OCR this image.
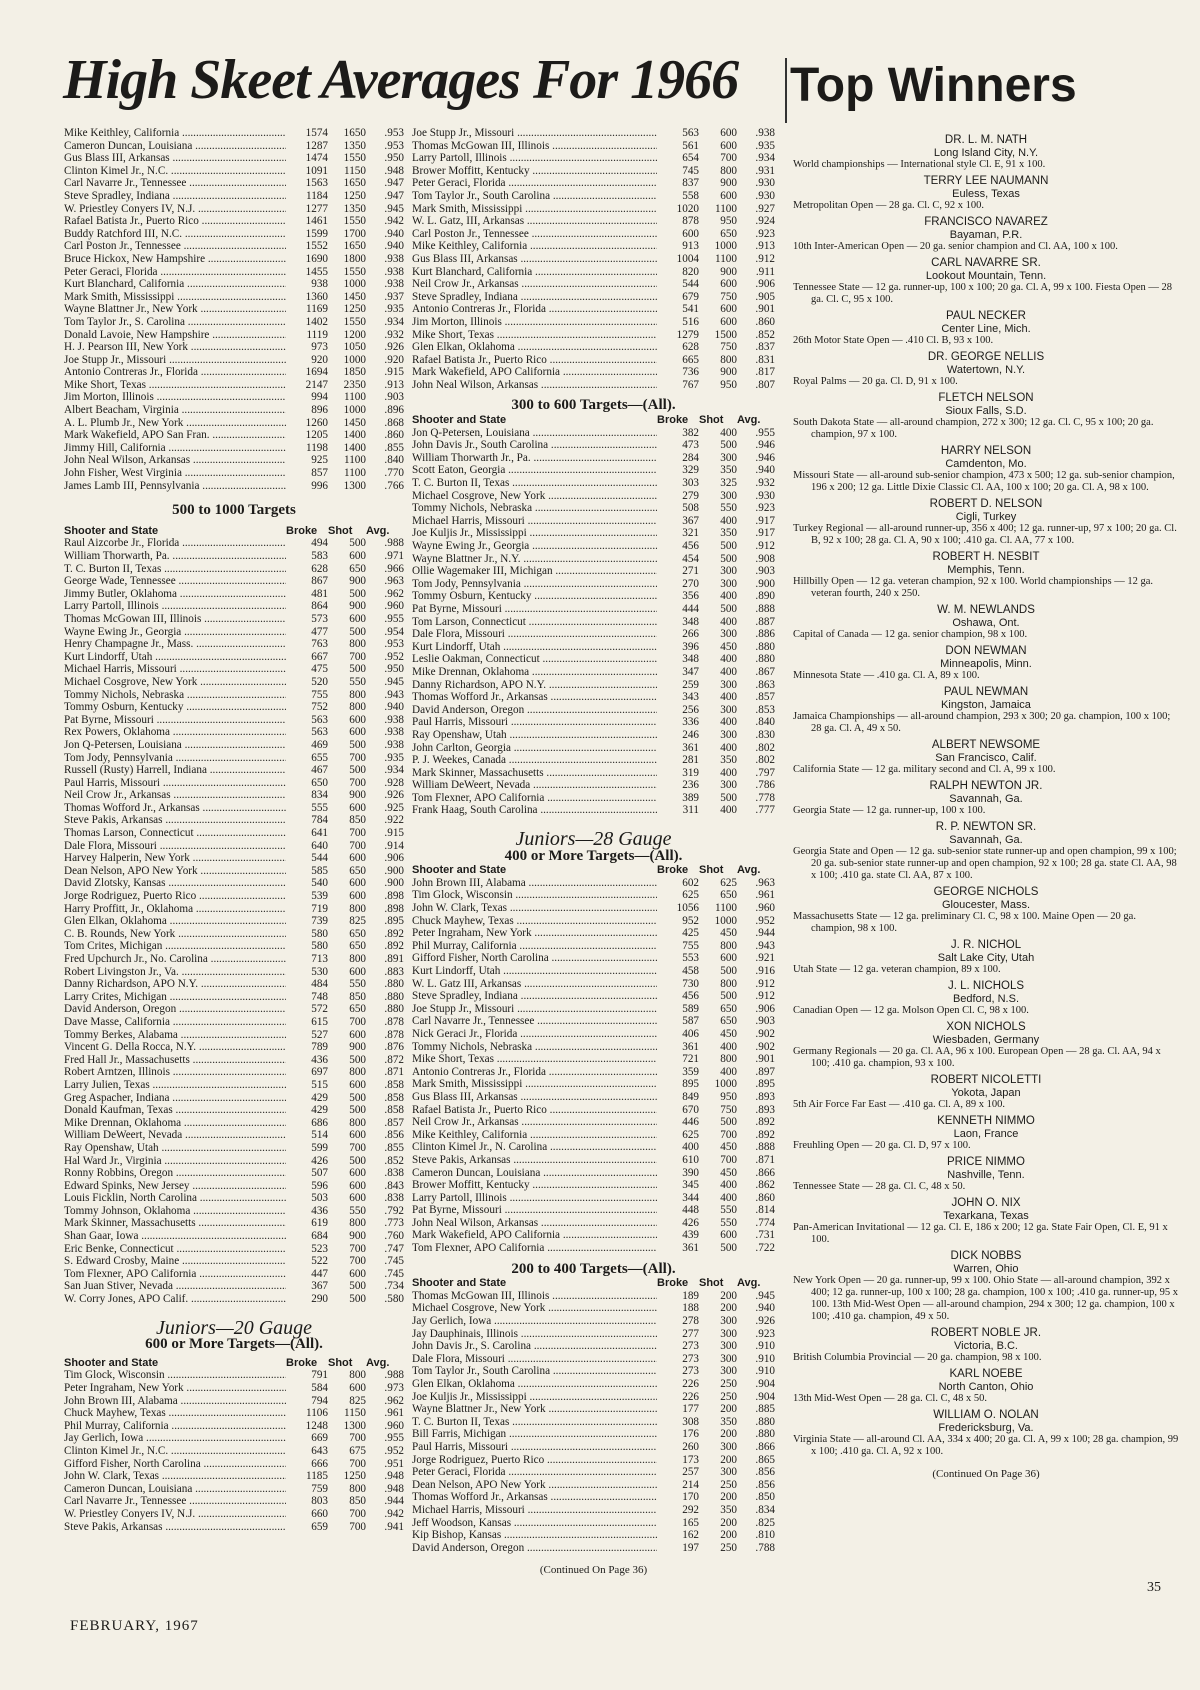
High Skeet Averages For 1966 Top Winners
Mike Keithley, California .....	1574	1650	.953
Cameron Duncan, Louisiana .....	1287	1350	.953
Gus Blass III, Arkansas .....	1474	1550	.950
Clinton Kimel Jr., N.C. .....	1091	1150	.948
Carl Navarre Jr., Tennessee .....	1563	1650	.947
Steve Spradley, Indiana .....	1184	1250	.947
W. Priestley Conyers IV, N.J. .....	1277	1350	.945
Rafael Batista Jr., Puerto Rico .....	1461	1550	.942
Buddy Ratchford III, N.C. .....	1599	1700	.940
Carl Poston Jr., Tennessee .....	1552	1650	.940
Bruce Hickox, New Hampshire .....	1690	1800	.938
Peter Geraci, Florida .....	1455	1550	.938
Kurt Blanchard, California .....	938	1000	.938
Mark Smith, Mississippi .....	1360	1450	.937
Wayne Blattner Jr., New York .....	1169	1250	.935
Tom Taylor Jr., S. Carolina .....	1402	1550	.934
Donald Lavoie, New Hampshire .....	1119	1200	.932
H. J. Pearson III, New York .....	973	1050	.926
Joe Stupp Jr., Missouri .....	920	1000	.920
Antonio Contreras Jr., Florida .....	1694	1850	.915
Mike Short, Texas .....	2147	2350	.913
Jim Morton, Illinois .....	994	1100	.903
Albert Beacham, Virginia .....	896	1000	.896
A. L. Plumb Jr., New York .....	1260	1450	.868
Mark Wakefield, APO San Fran. .....	1205	1400	.860
Jimmy Hill, California .....	1198	1400	.855
John Neal Wilson, Arkansas .....	925	1100	.840
John Fisher, West Virginia .....	857	1100	.770
James Lamb III, Pennsylvania .....	996	1300	.766
500 to 1000 Targets
Shooter and State	Broke Shot	Avg.
Raul Aizcorbe Jr., Florida .....	494	500	.988
William Thorwarth, Pa. .....	583	600	.971
T. C. Burton II, Texas .....	628	650	.966
George Wade, Tennessee .....	867	900	.963
Jimmy Butler, Oklahoma .....	481	500	.962
Larry Partoll, Illinois .....	864	900	.960
Thomas McGowan III, Illinois .....	573	600	.955
Wayne Ewing Jr., Georgia .....	477	500	.954
Henry Champagne Jr., Mass. .....	763	800	.953
Kurt Lindorff, Utah .....	667	700	.952
Michael Harris, Missouri .....	475	500	.950
Michael Cosgrove, New York .....	520	550	.945
Tommy Nichols, Nebraska .....	755	800	.943
Tommy Osburn, Kentucky .....	752	800	.940
Pat Byrne, Missouri .....	563	600	.938
Rex Powers, Oklahoma .....	563	600	.938
Jon Q-Petersen, Louisiana .....	469	500	.938
Tom Jody, Pennsylvania .....	655	700	.935
Russell (Rusty) Harrell, Indiana .....	467	500	.934
Paul Harris, Missouri .....	650	700	.928
Neil Crow Jr., Arkansas .....	834	900	.926
Thomas Wofford Jr., Arkansas .....	555	600	.925
Steve Pakis, Arkansas .....	784	850	.922
Thomas Larson, Connecticut .....	641	700	.915
Dale Flora, Missouri .....	640	700	.914
Harvey Halperin, New York .....	544	600	.906
Dean Nelson, APO New York .....	585	650	.900
David Zlotsky, Kansas .....	540	600	.900
Jorge Rodriguez, Puerto Rico .....	539	600	.898
Harry Proffitt, Jr., Oklahoma .....	719	800	.898
Glen Elkan, Oklahoma .....	739	825	.895
C. B. Rounds, New York .....	580	650	.892
Tom Crites, Michigan .....	580	650	.892
Fred Upchurch Jr., No. Carolina .....	713	800	.891
Robert Livingston Jr., Va. .....	530	600	.883
Danny Richardson, APO N.Y. .....	484	550	.880
Larry Crites, Michigan .....	748	850	.880
David Anderson, Oregon .....	572	650	.880
Dave Masse, California .....	615	700	.878
Tommy Berkes, Alabama .....	527	600	.878
Vincent G. Della Rocca, N.Y. .....	789	900	.876
Fred Hall Jr., Massachusetts .....	436	500	.872
Robert Arntzen, Illinois .....	697	800	.871
Larry Julien, Texas .....	515	600	.858
Greg Aspacher, Indiana .....	429	500	.858
Donald Kaufman, Texas .....	429	500	.858
Mike Drennan, Oklahoma .....	686	800	.857
William DeWeert, Nevada .....	514	600	.856
Ray Openshaw, Utah .....	599	700	.855
Hal Ward Jr., Virginia .....	426	500	.852
Ronny Robbins, Oregon .....	507	600	.838
Edward Spinks, New Jersey .....	596	600	.843
Louis Ficklin, North Carolina .....	503	600	.838
Tommy Johnson, Oklahoma .....	436	550	.792
Mark Skinner, Massachusetts .....	619	800	.773
Shan Gaar, Iowa .....	684	900	.760
Eric Benke, Connecticut .....	523	700	.747
S. Edward Crosby, Maine .....	522	700	.745
Tom Flexner, APO California .....	447	600	.745
San Juan Stiver, Nevada .....	367	500	.734
W. Corry Jones, APO Calif. .....	290	500	.580
Juniors—20 Gauge
600 or More Targets—(All).
Shooter and State	Broke Shot	Avg.
Tim Glock, Wisconsin .....	791	800	.988
Peter Ingraham, New York .....	584	600	.973
John Brown III, Alabama .....	794	825	.962
Chuck Mayhew, Texas .....	1106	1150	.961
Phil Murray, California .....	1248	1300	.960
Jay Gerlich, Iowa .....	669	700	.955
Clinton Kimel Jr., N.C. .....	643	675	.952
Gifford Fisher, North Carolina .....	666	700	.951
John W. Clark, Texas .....	1185	1250	.948
Cameron Duncan, Louisiana .....	759	800	.948
Carl Navarre Jr., Tennessee .....	803	850	.944
W. Priestley Conyers IV, N.J. .....	660	700	.942
Steve Pakis, Arkansas .....	659	700	.941
Joe Stupp Jr., Missouri .....	563	600	.938
Thomas McGowan III, Illinois .....	561	600	.935
Larry Partoll, Illinois .....	654	700	.934
Brower Moffitt, Kentucky .....	745	800	.931
Peter Geraci, Florida .....	837	900	.930
Tom Taylor Jr., South Carolina .....	558	600	.930
Mark Smith, Mississippi .....	1020	1100	.927
W. L. Gatz, III, Arkansas .....	878	950	.924
Carl Poston Jr., Tennessee .....	600	650	.923
Mike Keithley, California .....	913	1000	.913
Gus Blass III, Arkansas .....	1004	1100	.912
Kurt Blanchard, California .....	820	900	.911
Neil Crow Jr., Arkansas .....	544	600	.906
Steve Spradley, Indiana .....	679	750	.905
Antonio Contreras Jr., Florida .....	541	600	.901
Jim Morton, Illinois .....	516	600	.860
Mike Short, Texas .....	1279	1500	.852
Glen Elkan, Oklahoma .....	628	750	.837
Rafael Batista Jr., Puerto Rico .....	665	800	.831
Mark Wakefield, APO California .....	736	900	.817
John Neal Wilson, Arkansas .....	767	950	.807
300 to 600 Targets—(All).
Shooter and State	Broke Shot	Avg.
Jon Q-Petersen, Louisiana .....	382	400	.955
John Davis Jr., South Carolina .....	473	500	.946
William Thorwarth Jr., Pa. .....	284	300	.946
Scott Eaton, Georgia .....	329	350	.940
T. C. Burton II, Texas .....	303	325	.932
Michael Cosgrove, New York .....	279	300	.930
Tommy Nichols, Nebraska .....	508	550	.923
Michael Harris, Missouri .....	367	400	.917
Joe Kuljis Jr., Mississippi .....	321	350	.917
Wayne Ewing Jr., Georgia .....	456	500	.912
Wayne Blattner Jr., N.Y. .....	454	500	.908
Ollie Wagemaker III, Michigan .....	271	300	.903
Tom Jody, Pennsylvania .....	270	300	.900
Tommy Osburn, Kentucky .....	356	400	.890
Pat Byrne, Missouri .....	444	500	.888
Tom Larson, Connecticut .....	348	400	.887
Dale Flora, Missouri .....	266	300	.886
Kurt Lindorff, Utah .....	396	450	.880
Leslie Oakman, Connecticut .....	348	400	.880
Mike Drennan, Oklahoma .....	347	400	.867
Danny Richardson, APO N.Y. .....	259	300	.863
Thomas Wofford Jr., Arkansas .....	343	400	.857
David Anderson, Oregon .....	256	300	.853
Paul Harris, Missouri .....	336	400	.840
Ray Openshaw, Utah .....	246	300	.830
John Carlton, Georgia .....	361	400	.802
P. J. Weekes, Canada .....	281	350	.802
Mark Skinner, Massachusetts .....	319	400	.797
William DeWeert, Nevada .....	236	300	.786
Tom Flexner, APO California .....	389	500	.778
Frank Haag, South Carolina .....	311	400	.777
Juniors—28 Gauge
400 or More Targets—(All).
Shooter and State	Broke Shot	Avg.
John Brown III, Alabama .....	602	625	.963
Tim Glock, Wisconsin .....	625	650	.961
John W. Clark, Texas .....	1056	1100	.960
Chuck Mayhew, Texas .....	952	1000	.952
Peter Ingraham, New York .....	425	450	.944
Phil Murray, California .....	755	800	.943
Gifford Fisher, North Carolina .....	553	600	.921
Kurt Lindorff, Utah .....	458	500	.916
W. L. Gatz III, Arkansas .....	730	800	.912
Steve Spradley, Indiana .....	456	500	.912
Joe Stupp Jr., Missouri .....	589	650	.906
Carl Navarre Jr., Tennessee .....	587	650	.903
Nick Geraci Jr., Florida .....	406	450	.902
Tommy Nichols, Nebraska .....	361	400	.902
Mike Short, Texas .....	721	800	.901
Antonio Contreras Jr., Florida .....	359	400	.897
Mark Smith, Mississippi .....	895	1000	.895
Gus Blass III, Arkansas .....	849	950	.893
Rafael Batista Jr., Puerto Rico .....	670	750	.893
Neil Crow Jr., Arkansas .....	446	500	.892
Mike Keithley, California .....	625	700	.892
Clinton Kimel Jr., N. Carolina .....	400	450	.888
Steve Pakis, Arkansas .....	610	700	.871
Cameron Duncan, Louisiana .....	390	450	.866
Brower Moffitt, Kentucky .....	345	400	.862
Larry Partoll, Illinois .....	344	400	.860
Pat Byrne, Missouri .....	448	550	.814
John Neal Wilson, Arkansas .....	426	550	.774
Mark Wakefield, APO California .....	439	600	.731
Tom Flexner, APO California .....	361	500	.722
200 to 400 Targets—(All).
Shooter and State	Broke Shot	Avg.
Thomas McGowan III, Illinois .....	189	200	.945
Michael Cosgrove, New York .....	188	200	.940
Jay Gerlich, Iowa .....	278	300	.926
Jay Dauphinais, Illinois .....	277	300	.923
John Davis Jr., S. Carolina .....	273	300	.910
Dale Flora, Missouri .....	273	300	.910
Tom Taylor Jr., South Carolina .....	273	300	.910
Glen Elkan, Oklahoma .....	226	250	.904
Joe Kuljis Jr., Mississippi .....	226	250	.904
Wayne Blattner Jr., New York .....	177	200	.885
T. C. Burton II, Texas .....	308	350	.880
Bill Farris, Michigan .....	176	200	.880
Paul Harris, Missouri .....	260	300	.866
Jorge Rodriguez, Puerto Rico .....	173	200	.865
Peter Geraci, Florida .....	257	300	.856
Dean Nelson, APO New York .....	214	250	.856
Thomas Wofford Jr., Arkansas .....	170	200	.850
Michael Harris, Missouri .....	292	350	.834
Jeff Woodson, Kansas .....	165	200	.825
Kip Bishop, Kansas .....	162	200	.810
David Anderson, Oregon .....	197	250	.788
(Continued On Page 36)
DR. L. M. NATH
Long Island City, N.Y.
World championships — International style Cl. E, 91 x 100.
TERRY LEE NAUMANN
Euless, Texas
Metropolitan Open — 28 ga. Cl. C, 92 x 100.
FRANCISCO NAVAREZ
Bayaman, P.R.
10th Inter-American Open — 20 ga. senior champion and Cl. AA, 100 x 100.
CARL NAVARRE SR.
Lookout Mountain, Tenn.
Tennessee State — 12 ga. runner-up, 100 x 100; 20 ga. Cl. A, 99 x 100. Fiesta Open — 28 ga. Cl. C, 95 x 100.
PAUL NECKER
Center Line, Mich.
26th Motor State Open — .410 Cl. B, 93 x 100.
DR. GEORGE NELLIS
Watertown, N.Y.
Royal Palms — 20 ga. Cl. D, 91 x 100.
FLETCH NELSON
Sioux Falls, S.D.
South Dakota State — all-around champion, 272 x 300; 12 ga. Cl. C, 95 x 100; 20 ga. champion, 97 x 100.
HARRY NELSON
Camdenton, Mo.
Missouri State — all-around sub-senior champion, 473 x 500; 12 ga. sub-senior champion, 196 x 200; 12 ga. Little Dixie Classic Cl. AA, 100 x 100; 20 ga. Cl. A, 98 x 100.
ROBERT D. NELSON
Cigli, Turkey
Turkey Regional — all-around runner-up, 356 x 400; 12 ga. runner-up, 97 x 100; 20 ga. Cl. B, 92 x 100; 28 ga. Cl. A, 90 x 100; .410 ga. Cl. AA, 77 x 100.
ROBERT H. NESBIT
Memphis, Tenn.
Hillbilly Open — 12 ga. veteran champion, 92 x 100. World championships — 12 ga. veteran fourth, 240 x 250.
W. M. NEWLANDS
Oshawa, Ont.
Capital of Canada — 12 ga. senior champion, 98 x 100.
DON NEWMAN
Minneapolis, Minn.
Minnesota State — .410 ga. Cl. A, 89 x 100.
PAUL NEWMAN
Kingston, Jamaica
Jamaica Championships — all-around champion, 293 x 300; 20 ga. champion, 100 x 100; 28 ga. Cl. A, 49 x 50.
ALBERT NEWSOME
San Francisco, Calif.
California State — 12 ga. military second and Cl. A, 99 x 100.
RALPH NEWTON JR.
Savannah, Ga.
Georgia State — 12 ga. runner-up, 100 x 100.
R. P. NEWTON SR.
Savannah, Ga.
Georgia State and Open — 12 ga. sub-senior state runner-up and open champion, 99 x 100; 20 ga. sub-senior state runner-up and open champion, 92 x 100; 28 ga. state Cl. AA, 98 x 100; .410 ga. state Cl. AA, 87 x 100.
GEORGE NICHOLS
Gloucester, Mass.
Massachusetts State — 12 ga. preliminary Cl. C, 98 x 100. Maine Open — 20 ga. champion, 98 x 100.
J. R. NICHOL
Salt Lake City, Utah
Utah State — 12 ga. veteran champion, 89 x 100.
J. L. NICHOLS
Bedford, N.S.
Canadian Open — 12 ga. Molson Open Cl. C, 98 x 100.
XON NICHOLS
Wiesbaden, Germany
Germany Regionals — 20 ga. Cl. AA, 96 x 100. European Open — 28 ga. Cl. AA, 94 x 100; .410 ga. champion, 93 x 100.
ROBERT NICOLETTI
Yokota, Japan
5th Air Force Far East — .410 ga. Cl. A, 89 x 100.
KENNETH NIMMO
Laon, France
Freuhling Open — 20 ga. Cl. D, 97 x 100.
PRICE NIMMO
Nashville, Tenn.
Tennessee State — 28 ga. Cl. C, 48 x 50.
JOHN O. NIX
Texarkana, Texas
Pan-American Invitational — 12 ga. Cl. E, 186 x 200; 12 ga. State Fair Open, Cl. E, 91 x 100.
DICK NOBBS
Warren, Ohio
New York Open — 20 ga. runner-up, 99 x 100. Ohio State — all-around champion, 392 x 400; 12 ga. runner-up, 100 x 100; 28 ga. champion, 100 x 100; .410 ga. runner-up, 95 x 100. 13th Mid-West Open — all-around champion, 294 x 300; 12 ga. champion, 100 x 100; .410 ga. champion, 49 x 50.
ROBERT NOBLE JR.
Victoria, B.C.
British Columbia Provincial — 20 ga. champion, 98 x 100.
KARL NOEBE
North Canton, Ohio
13th Mid-West Open — 28 ga. Cl. C, 48 x 50.
WILLIAM O. NOLAN
Fredericksburg, Va.
Virginia State — all-around Cl. AA, 334 x 400; 20 ga. Cl. A, 99 x 100; 28 ga. champion, 99 x 100; .410 ga. Cl. A, 92 x 100.
(Continued On Page 36)
35
FEBRUARY, 1967
